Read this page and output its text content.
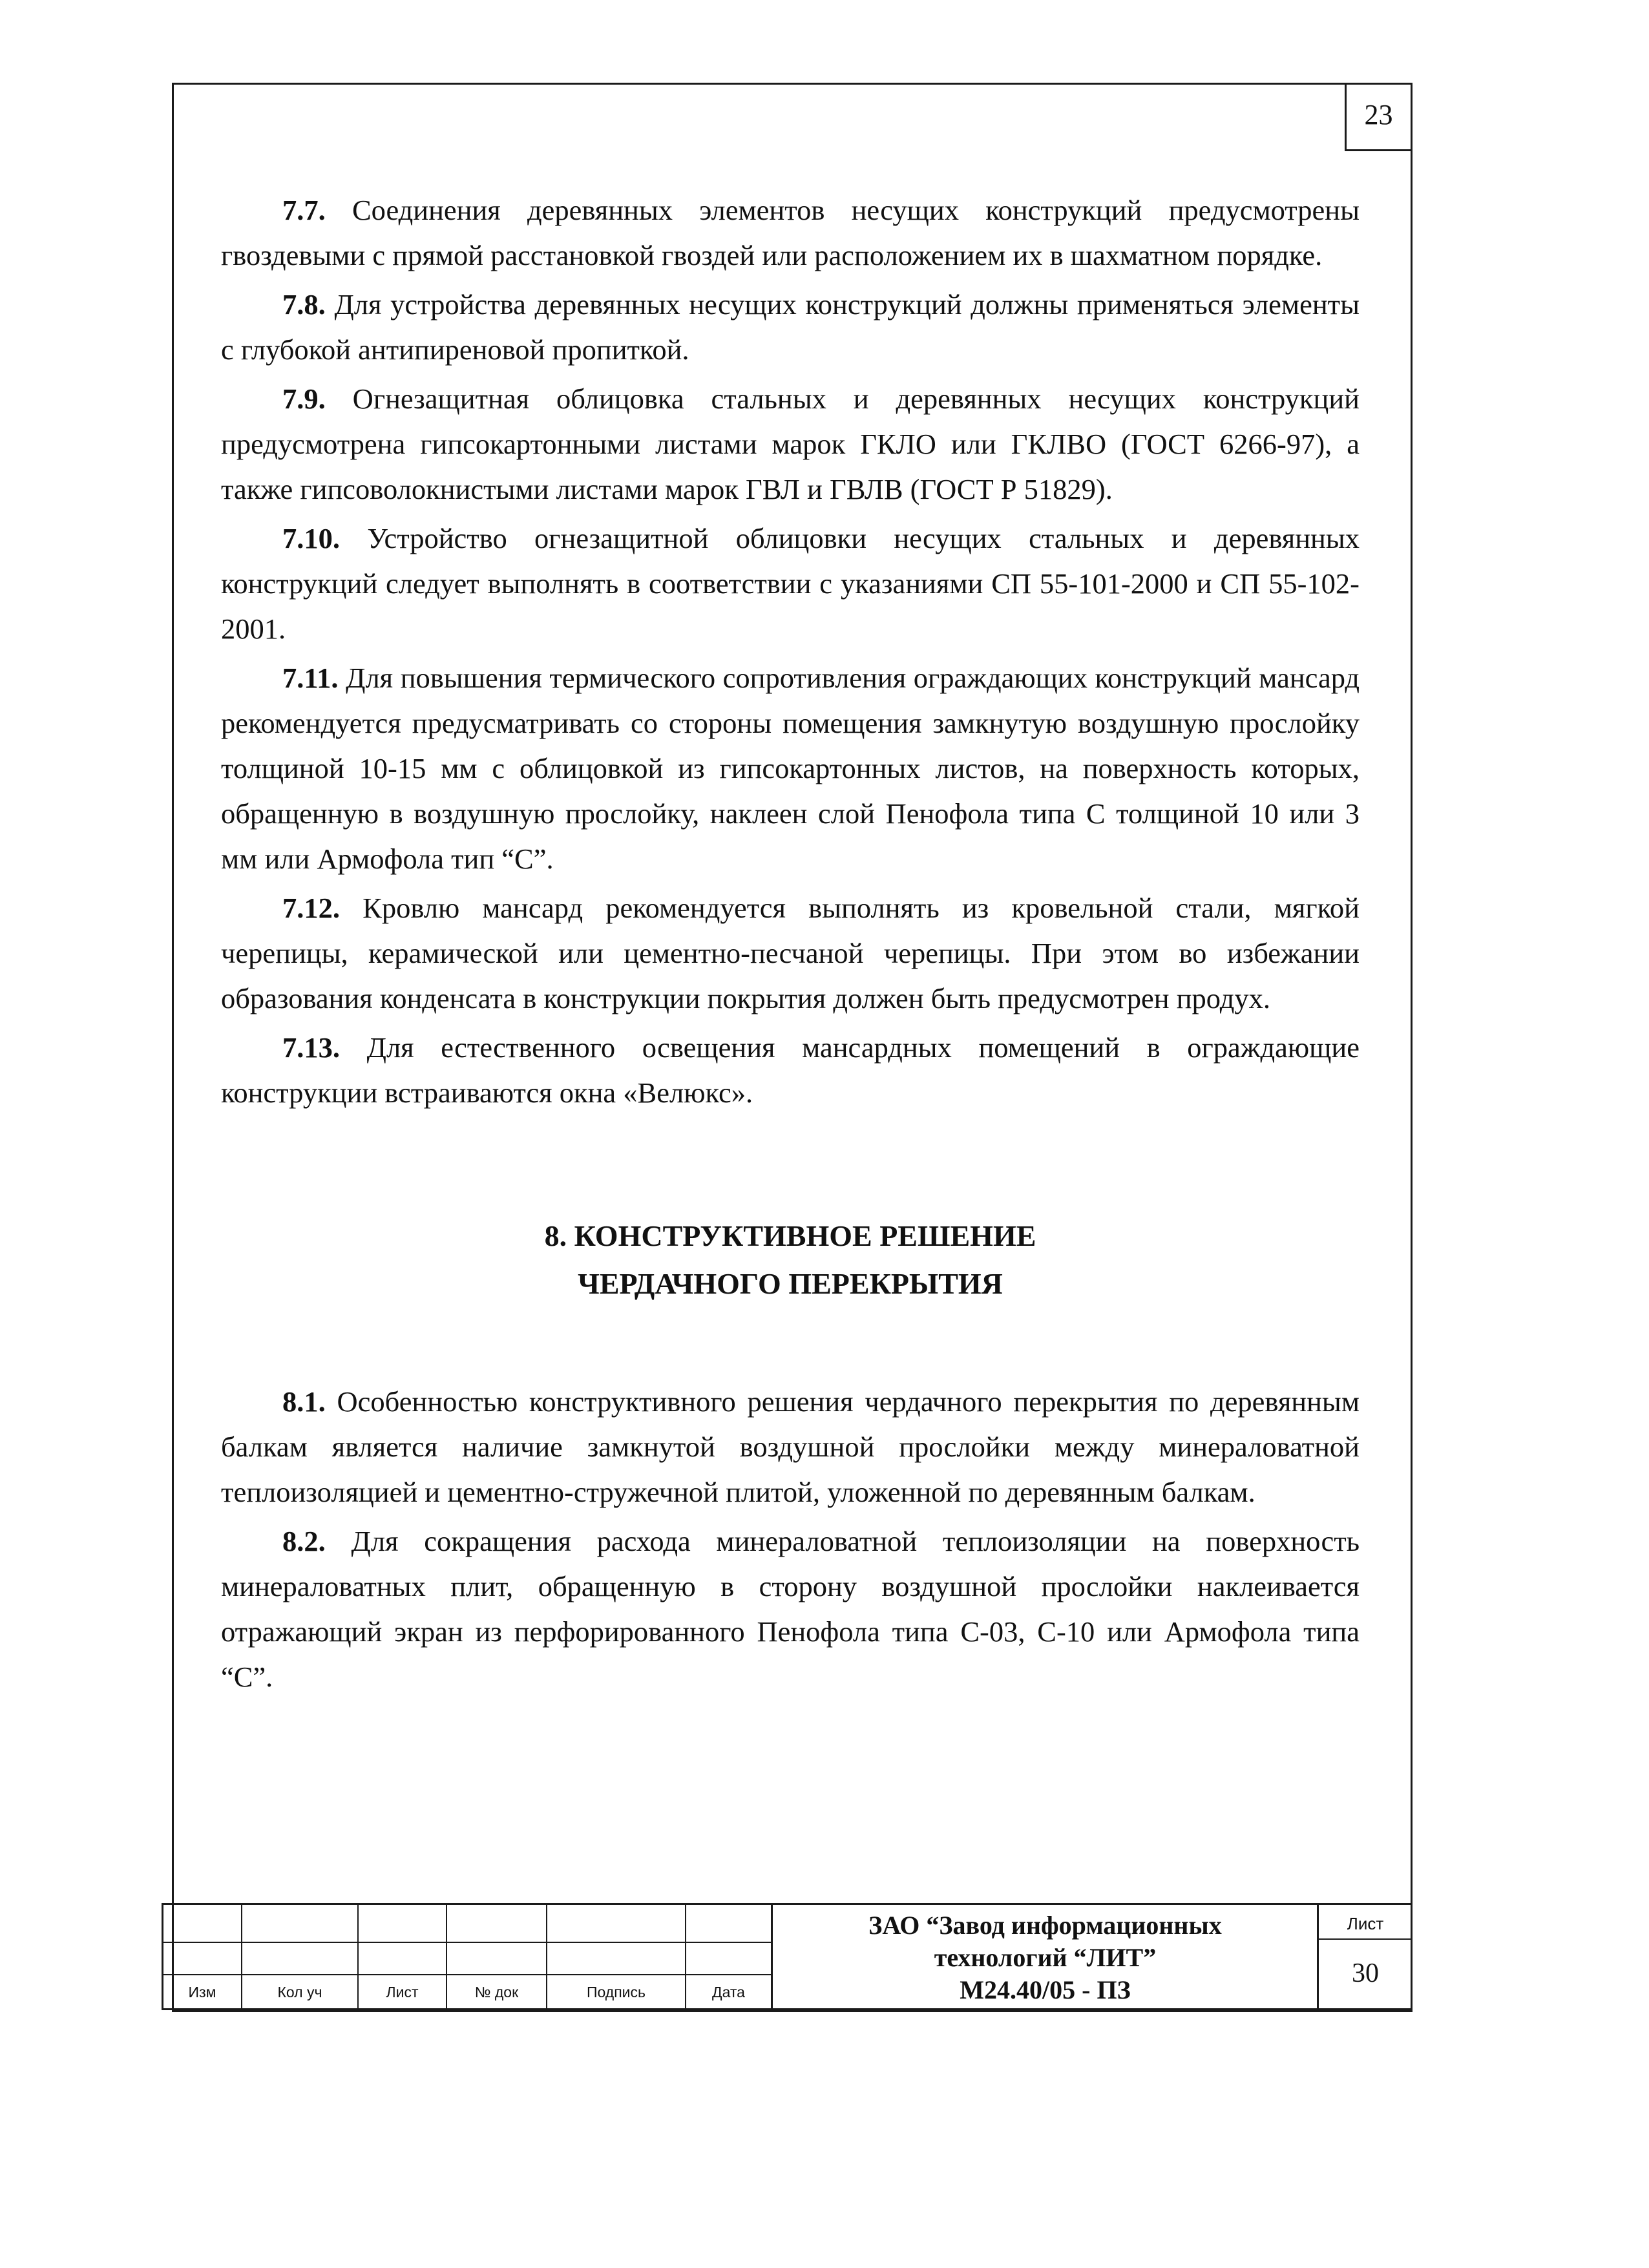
23

7.7. Соединения деревянных элементов несущих конструкций предусмотрены гвоздевыми с прямой расстановкой гвоздей или расположением их в шахматном порядке.

7.8. Для устройства деревянных несущих конструкций должны применяться элементы с глубокой антипиреновой пропиткой.

7.9. Огнезащитная облицовка стальных и деревянных несущих конструкций предусмотрена гипсокартонными листами марок ГКЛО или ГКЛВО (ГОСТ 6266-97), а также гипсоволокнистыми листами марок ГВЛ и ГВЛВ (ГОСТ Р 51829).

7.10. Устройство огнезащитной облицовки несущих стальных и деревянных конструкций следует выполнять в соответствии с указаниями СП 55-101-2000 и СП 55-102-2001.

7.11. Для повышения термического сопротивления ограждающих конструкций мансард рекомендуется предусматривать со стороны помещения замкнутую воздушную прослойку толщиной 10-15 мм с облицовкой из гипсокартонных листов, на поверхность которых, обращенную в воздушную прослойку, наклеен слой Пенофола типа С толщиной 10 или 3 мм или Армофола тип “С”.

7.12. Кровлю мансард рекомендуется выполнять из кровельной стали, мягкой черепицы, керамической или цементно-песчаной черепицы. При этом во избежании образования конденсата в конструкции покрытия должен быть предусмотрен продух.

7.13. Для естественного освещения мансардных помещений в ограждающие конструкции встраиваются окна «Велюкс».

8. КОНСТРУКТИВНОЕ РЕШЕНИЕ
ЧЕРДАЧНОГО ПЕРЕКРЫТИЯ

8.1. Особенностью конструктивного решения чердачного перекрытия по деревянным балкам является наличие замкнутой воздушной прослойки между минераловатной теплоизоляцией и цементно-стружечной плитой, уложенной по деревянным балкам.

8.2. Для сокращения расхода минераловатной теплоизоляции на поверхность минераловатных плит, обращенную в сторону воздушной прослойки наклеивается отражающий экран из перфорированного Пенофола типа С-03, С-10 или Армофола типа “С”.

Изм	Кол уч	Лист	№ док	Подпись	Дата
ЗАО “Завод информационных
технологий “ЛИТ”
М24.40/05 - ПЗ
Лист
30
